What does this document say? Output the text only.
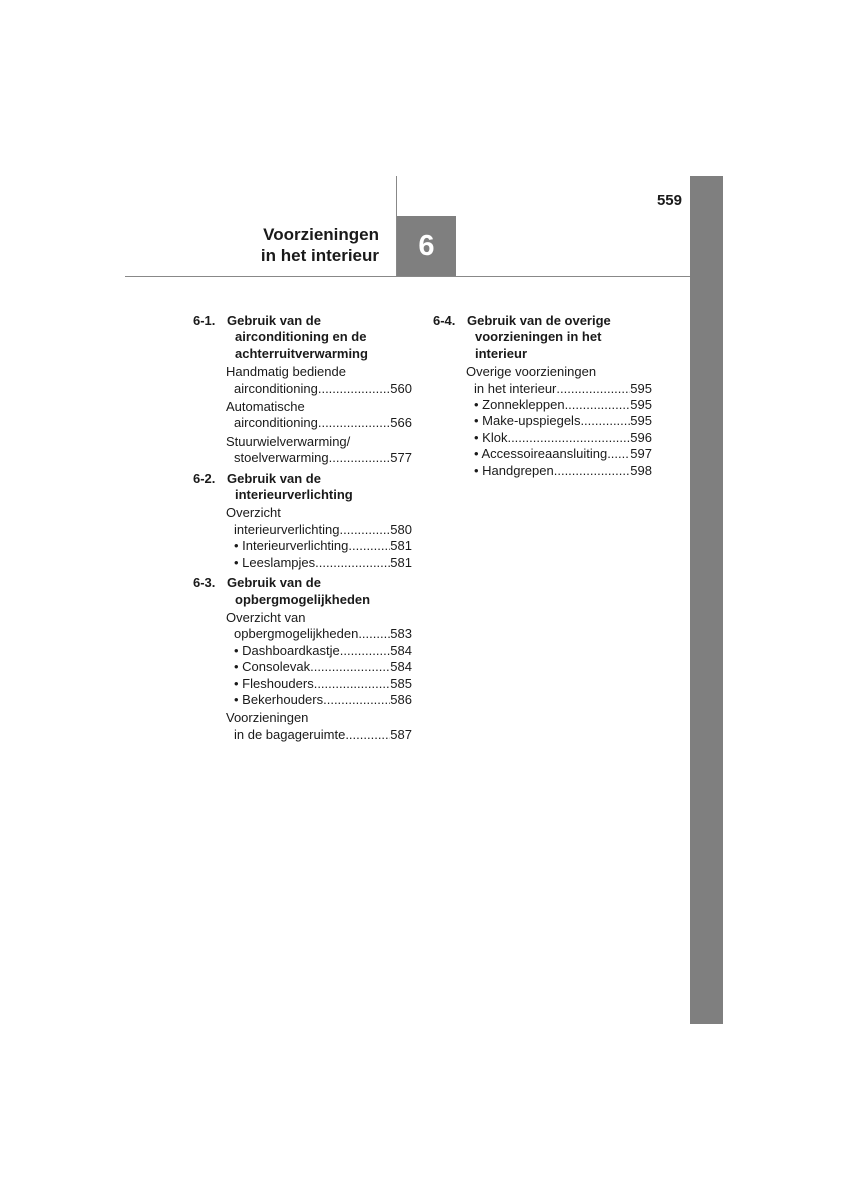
Voorzieningen
in het interieur 6
559
6-1. Gebruik van de
airconditioning en de
achterruitverwarming
Handmatig bediende
airconditioning .....	560
Automatische
airconditioning .....	566
Stuurwielverwarming/
stoelverwarming .....	577
6-2. Gebruik van de
interieurverlichting
Overzicht
interieurverlichting .....	580
• Interieurverlichting .....	581
• Leeslampjes .....	581
6-3. Gebruik van de
opbergmogelijkheden
Overzicht van
opbergmogelijkheden ..... 583
• Dashboardkastje .....	584
• Consolevak .....	584
• Fleshouders .....	585
• Bekerhouders .....	586
Voorzieningen
in de bagageruimte .....	587
6-4. Gebruik van de overige
voorzieningen in het
interieur
Overige voorzieningen
in het interieur .....	595
• Zonnekleppen .....	595
• Make-upspiegels .....	595
• Klok .....	596
• Accessoireaansluiting ..... 597
• Handgrepen .....	598
